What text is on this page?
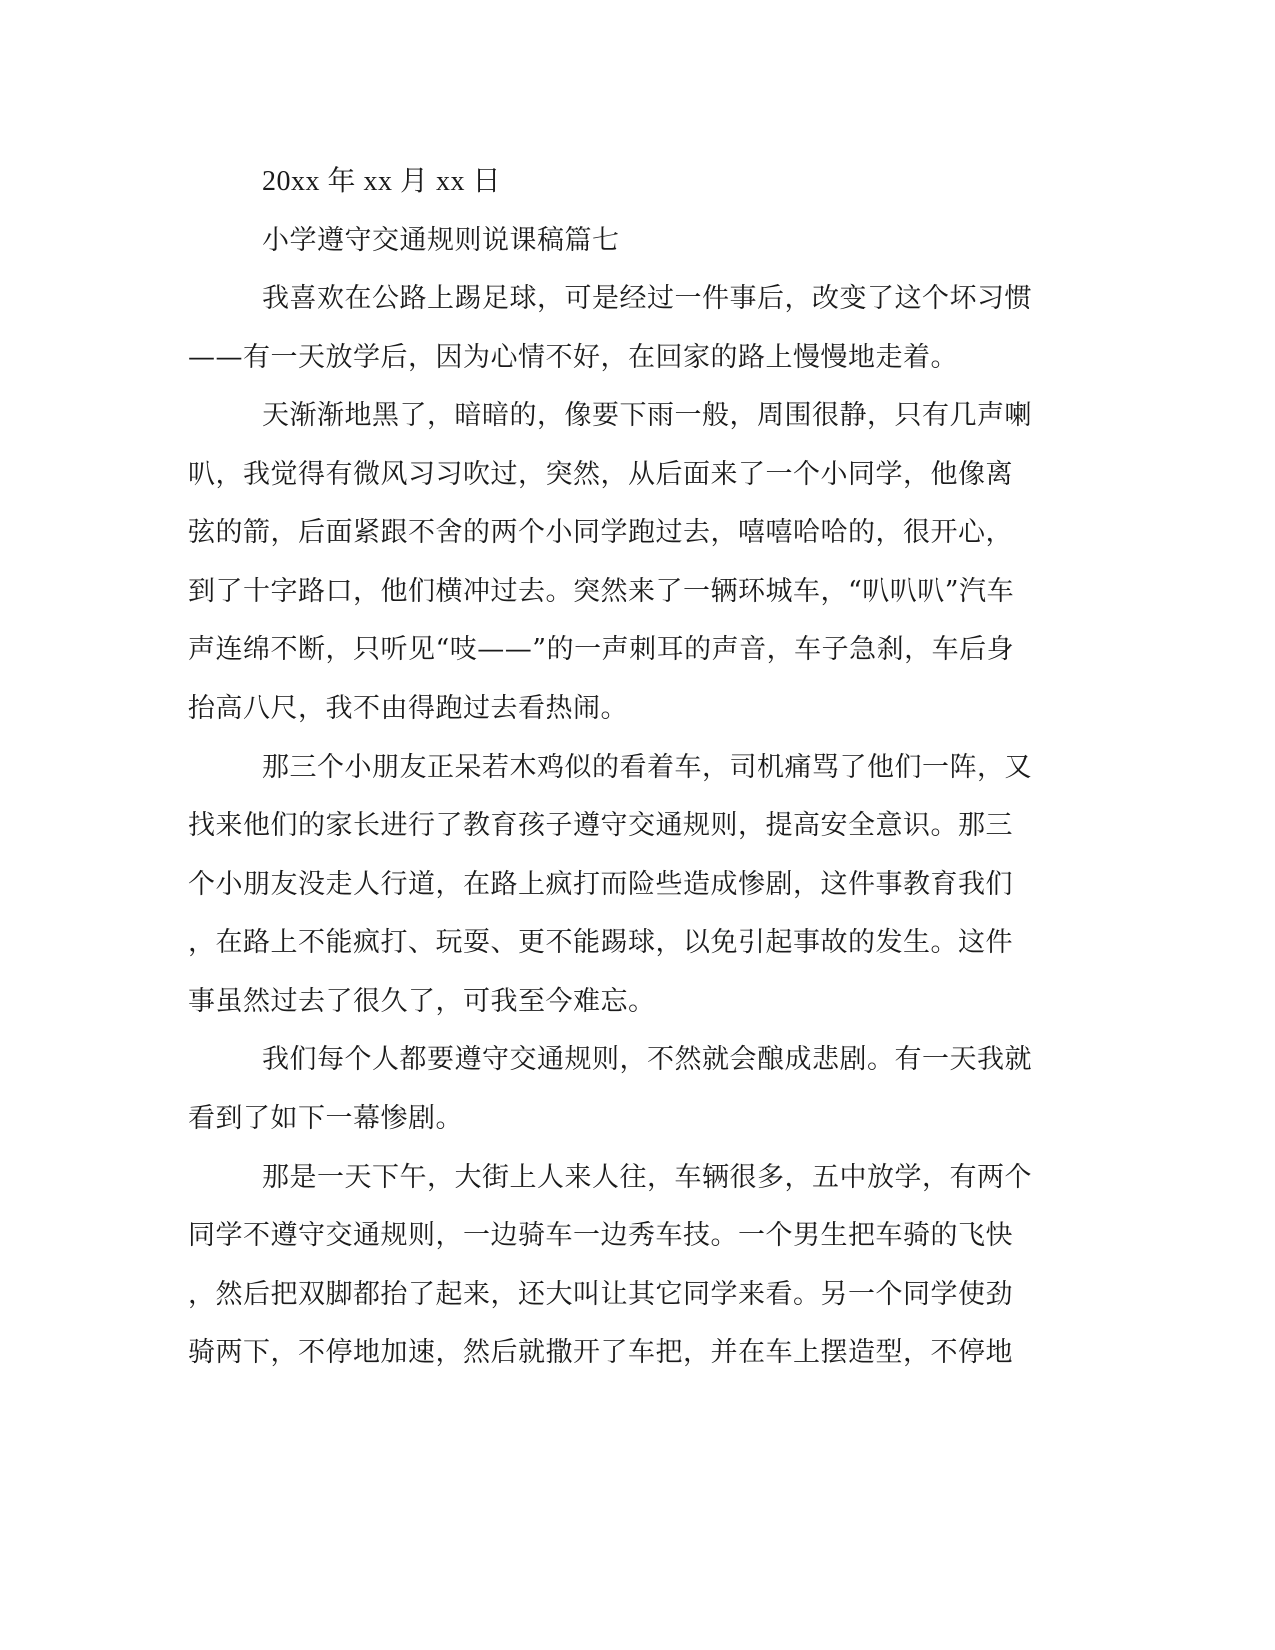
20xx 年 xx 月 xx 日
小学遵守交通规则说课稿篇七
我喜欢在公路上踢足球，可是经过一件事后，改变了这个坏习惯
——有一天放学后，因为心情不好，在回家的路上慢慢地走着。
天渐渐地黑了，暗暗的，像要下雨一般，周围很静，只有几声喇
叭，我觉得有微风习习吹过，突然，从后面来了一个小同学，他像离
弦的箭，后面紧跟不舍的两个小同学跑过去，嘻嘻哈哈的，很开心，
到了十字路口，他们横冲过去。突然来了一辆环城车，“叭叭叭”汽车
声连绵不断，只听见“吱——”的一声刺耳的声音，车子急刹，车后身
抬高八尺，我不由得跑过去看热闹。
那三个小朋友正呆若木鸡似的看着车，司机痛骂了他们一阵，又
找来他们的家长进行了教育孩子遵守交通规则，提高安全意识。那三
个小朋友没走人行道，在路上疯打而险些造成惨剧，这件事教育我们
，在路上不能疯打、玩耍、更不能踢球，以免引起事故的发生。这件
事虽然过去了很久了，可我至今难忘。
我们每个人都要遵守交通规则，不然就会酿成悲剧。有一天我就
看到了如下一幕惨剧。
那是一天下午，大街上人来人往，车辆很多，五中放学，有两个
同学不遵守交通规则，一边骑车一边秀车技。一个男生把车骑的飞快
，然后把双脚都抬了起来，还大叫让其它同学来看。另一个同学使劲
骑两下，不停地加速，然后就撒开了车把，并在车上摆造型，不停地
